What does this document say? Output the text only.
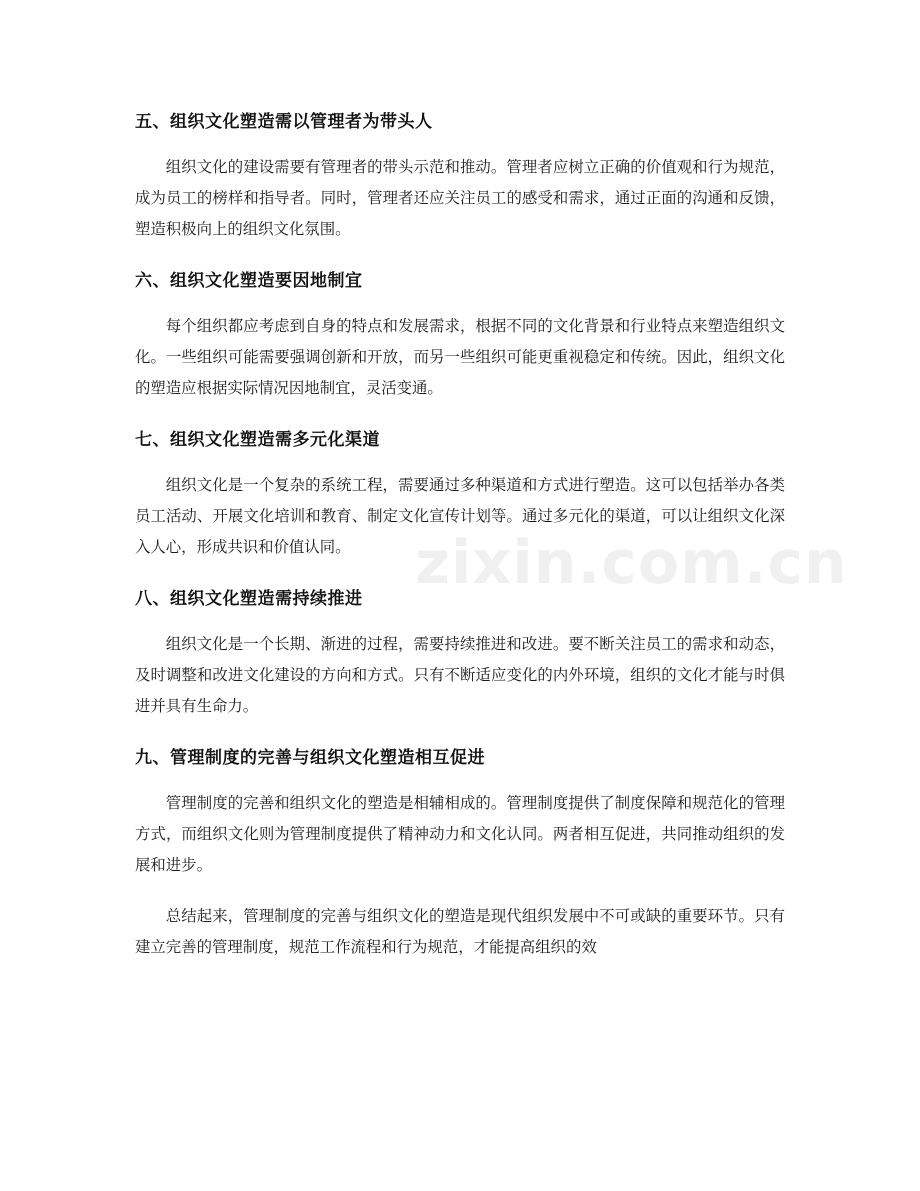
五、组织文化塑造需以管理者为带头人
组织文化的建设需要有管理者的带头示范和推动。管理者应树立正确的价值观和行为规范，成为员工的榜样和指导者。同时，管理者还应关注员工的感受和需求，通过正面的沟通和反馈，塑造积极向上的组织文化氛围。
六、组织文化塑造要因地制宜
每个组织都应考虑到自身的特点和发展需求，根据不同的文化背景和行业特点来塑造组织文化。一些组织可能需要强调创新和开放，而另一些组织可能更重视稳定和传统。因此，组织文化的塑造应根据实际情况因地制宜，灵活变通。
七、组织文化塑造需多元化渠道
组织文化是一个复杂的系统工程，需要通过多种渠道和方式进行塑造。这可以包括举办各类员工活动、开展文化培训和教育、制定文化宣传计划等。通过多元化的渠道，可以让组织文化深入人心，形成共识和价值认同。
八、组织文化塑造需持续推进
组织文化是一个长期、渐进的过程，需要持续推进和改进。要不断关注员工的需求和动态，及时调整和改进文化建设的方向和方式。只有不断适应变化的内外环境，组织的文化才能与时俱进并具有生命力。
九、管理制度的完善与组织文化塑造相互促进
管理制度的完善和组织文化的塑造是相辅相成的。管理制度提供了制度保障和规范化的管理方式，而组织文化则为管理制度提供了精神动力和文化认同。两者相互促进，共同推动组织的发展和进步。
总结起来，管理制度的完善与组织文化的塑造是现代组织发展中不可或缺的重要环节。只有建立完善的管理制度，规范工作流程和行为规范，才能提高组织的效
zixin.com.cn
